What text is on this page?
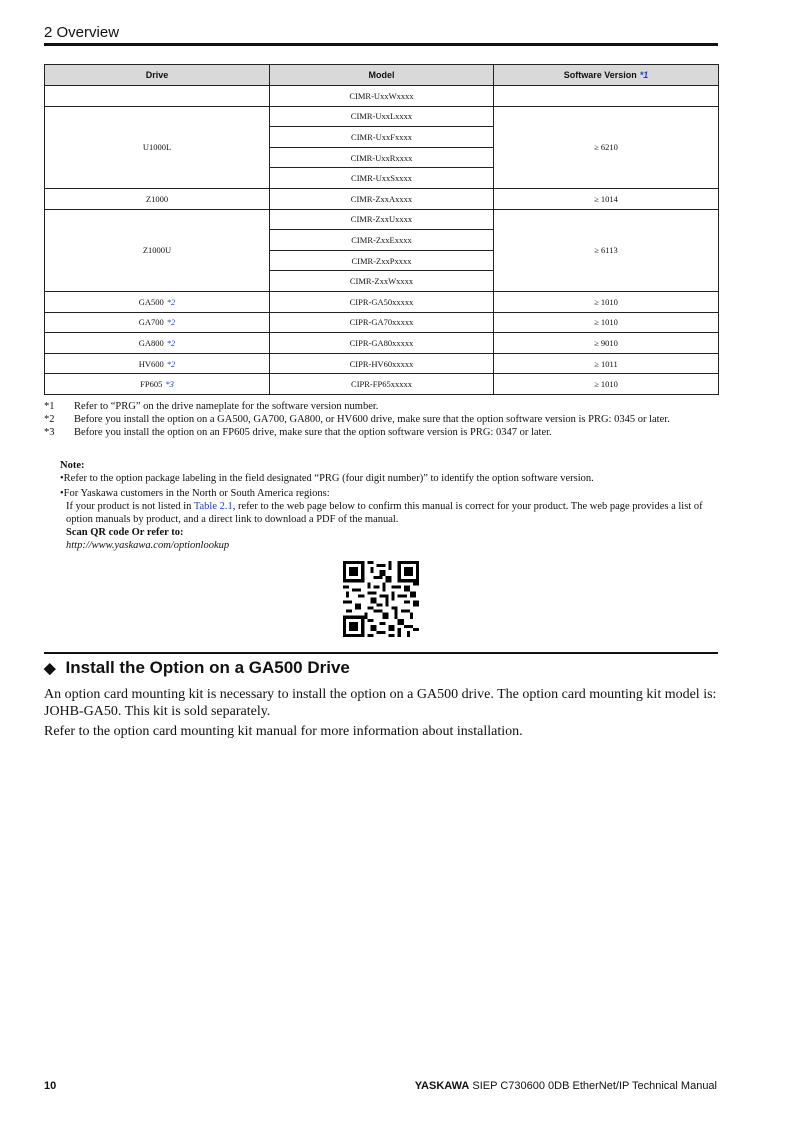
2 Overview
Drive	Model	Software Version *1
	CIMR-UxxWxxxx	
U1000L	CIMR-UxxLxxxx	≥ 6210
	CIMR-UxxFxxxx	
	CIMR-UxxRxxxx	
	CIMR-UxxSxxxx	
Z1000	CIMR-ZxxAxxxx	≥ 1014
Z1000U	CIMR-ZxxUxxxx	≥ 6113
	CIMR-ZxxExxxx	
	CIMR-ZxxPxxxx	
	CIMR-ZxxWxxxx	
GA500 *2	CIPR-GA50xxxxx	≥ 1010
GA700 *2	CIPR-GA70xxxxx	≥ 1010
GA800 *2	CIPR-GA80xxxxx	≥ 9010
HV600 *2	CIPR-HV60xxxxx	≥ 1011
FP605 *3	CIPR-FP65xxxxx	≥ 1010
*1	Refer to “PRG” on the drive nameplate for the software version number.
*2	Before you install the option on a GA500, GA700, GA800, or HV600 drive, make sure that the option software version is PRG: 0345 or later.
*3	Before you install the option on an FP605 drive, make sure that the option software version is PRG: 0347 or later.
Note:
•Refer to the option package labeling in the field designated “PRG (four digit number)” to identify the option software version.
•For Yaskawa customers in the North or South America regions:
If your product is not listed in Table 2.1, refer to the web page below to confirm this manual is correct for your product. The web page provides a list of option manuals by product, and a direct link to download a PDF of the manual.
Scan QR code Or refer to:
http://www.yaskawa.com/optionlookup
◆ Install the Option on a GA500 Drive

An option card mounting kit is necessary to install the option on a GA500 drive. The option card mounting kit model is: JOHB-GA50. This kit is sold separately.

Refer to the option card mounting kit manual for more information about installation.

10	YASKAWA SIEP C730600 0DB EtherNet/IP Technical Manual
